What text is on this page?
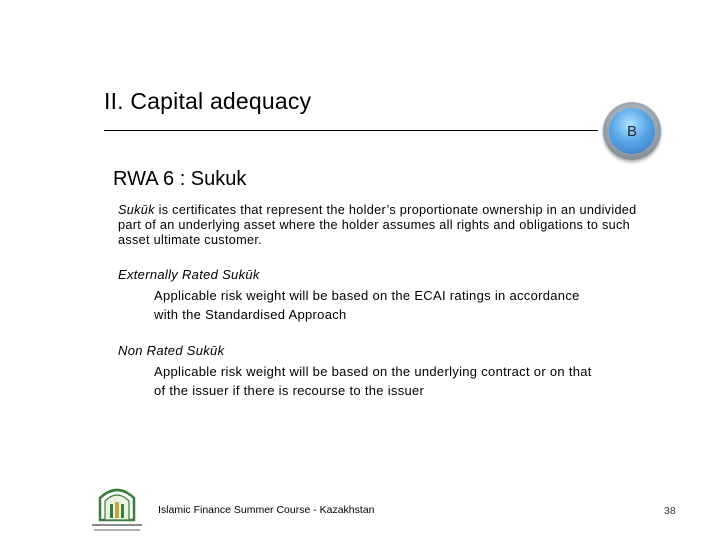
II. Capital adequacy
B
RWA 6 : Sukuk
Sukūk is certificates that represent the holder’s proportionate ownership in an undivided part of an underlying asset where the holder assumes all rights and obligations to such asset ultimate customer.
Externally Rated Sukūk
Applicable risk weight will be based on the ECAI ratings in accordance
with the Standardised Approach
Non Rated Sukūk
Applicable risk weight will be based on the underlying contract or on that
of the issuer if there is recourse to the issuer
Islamic Finance Summer Course - Kazakhstan	38
